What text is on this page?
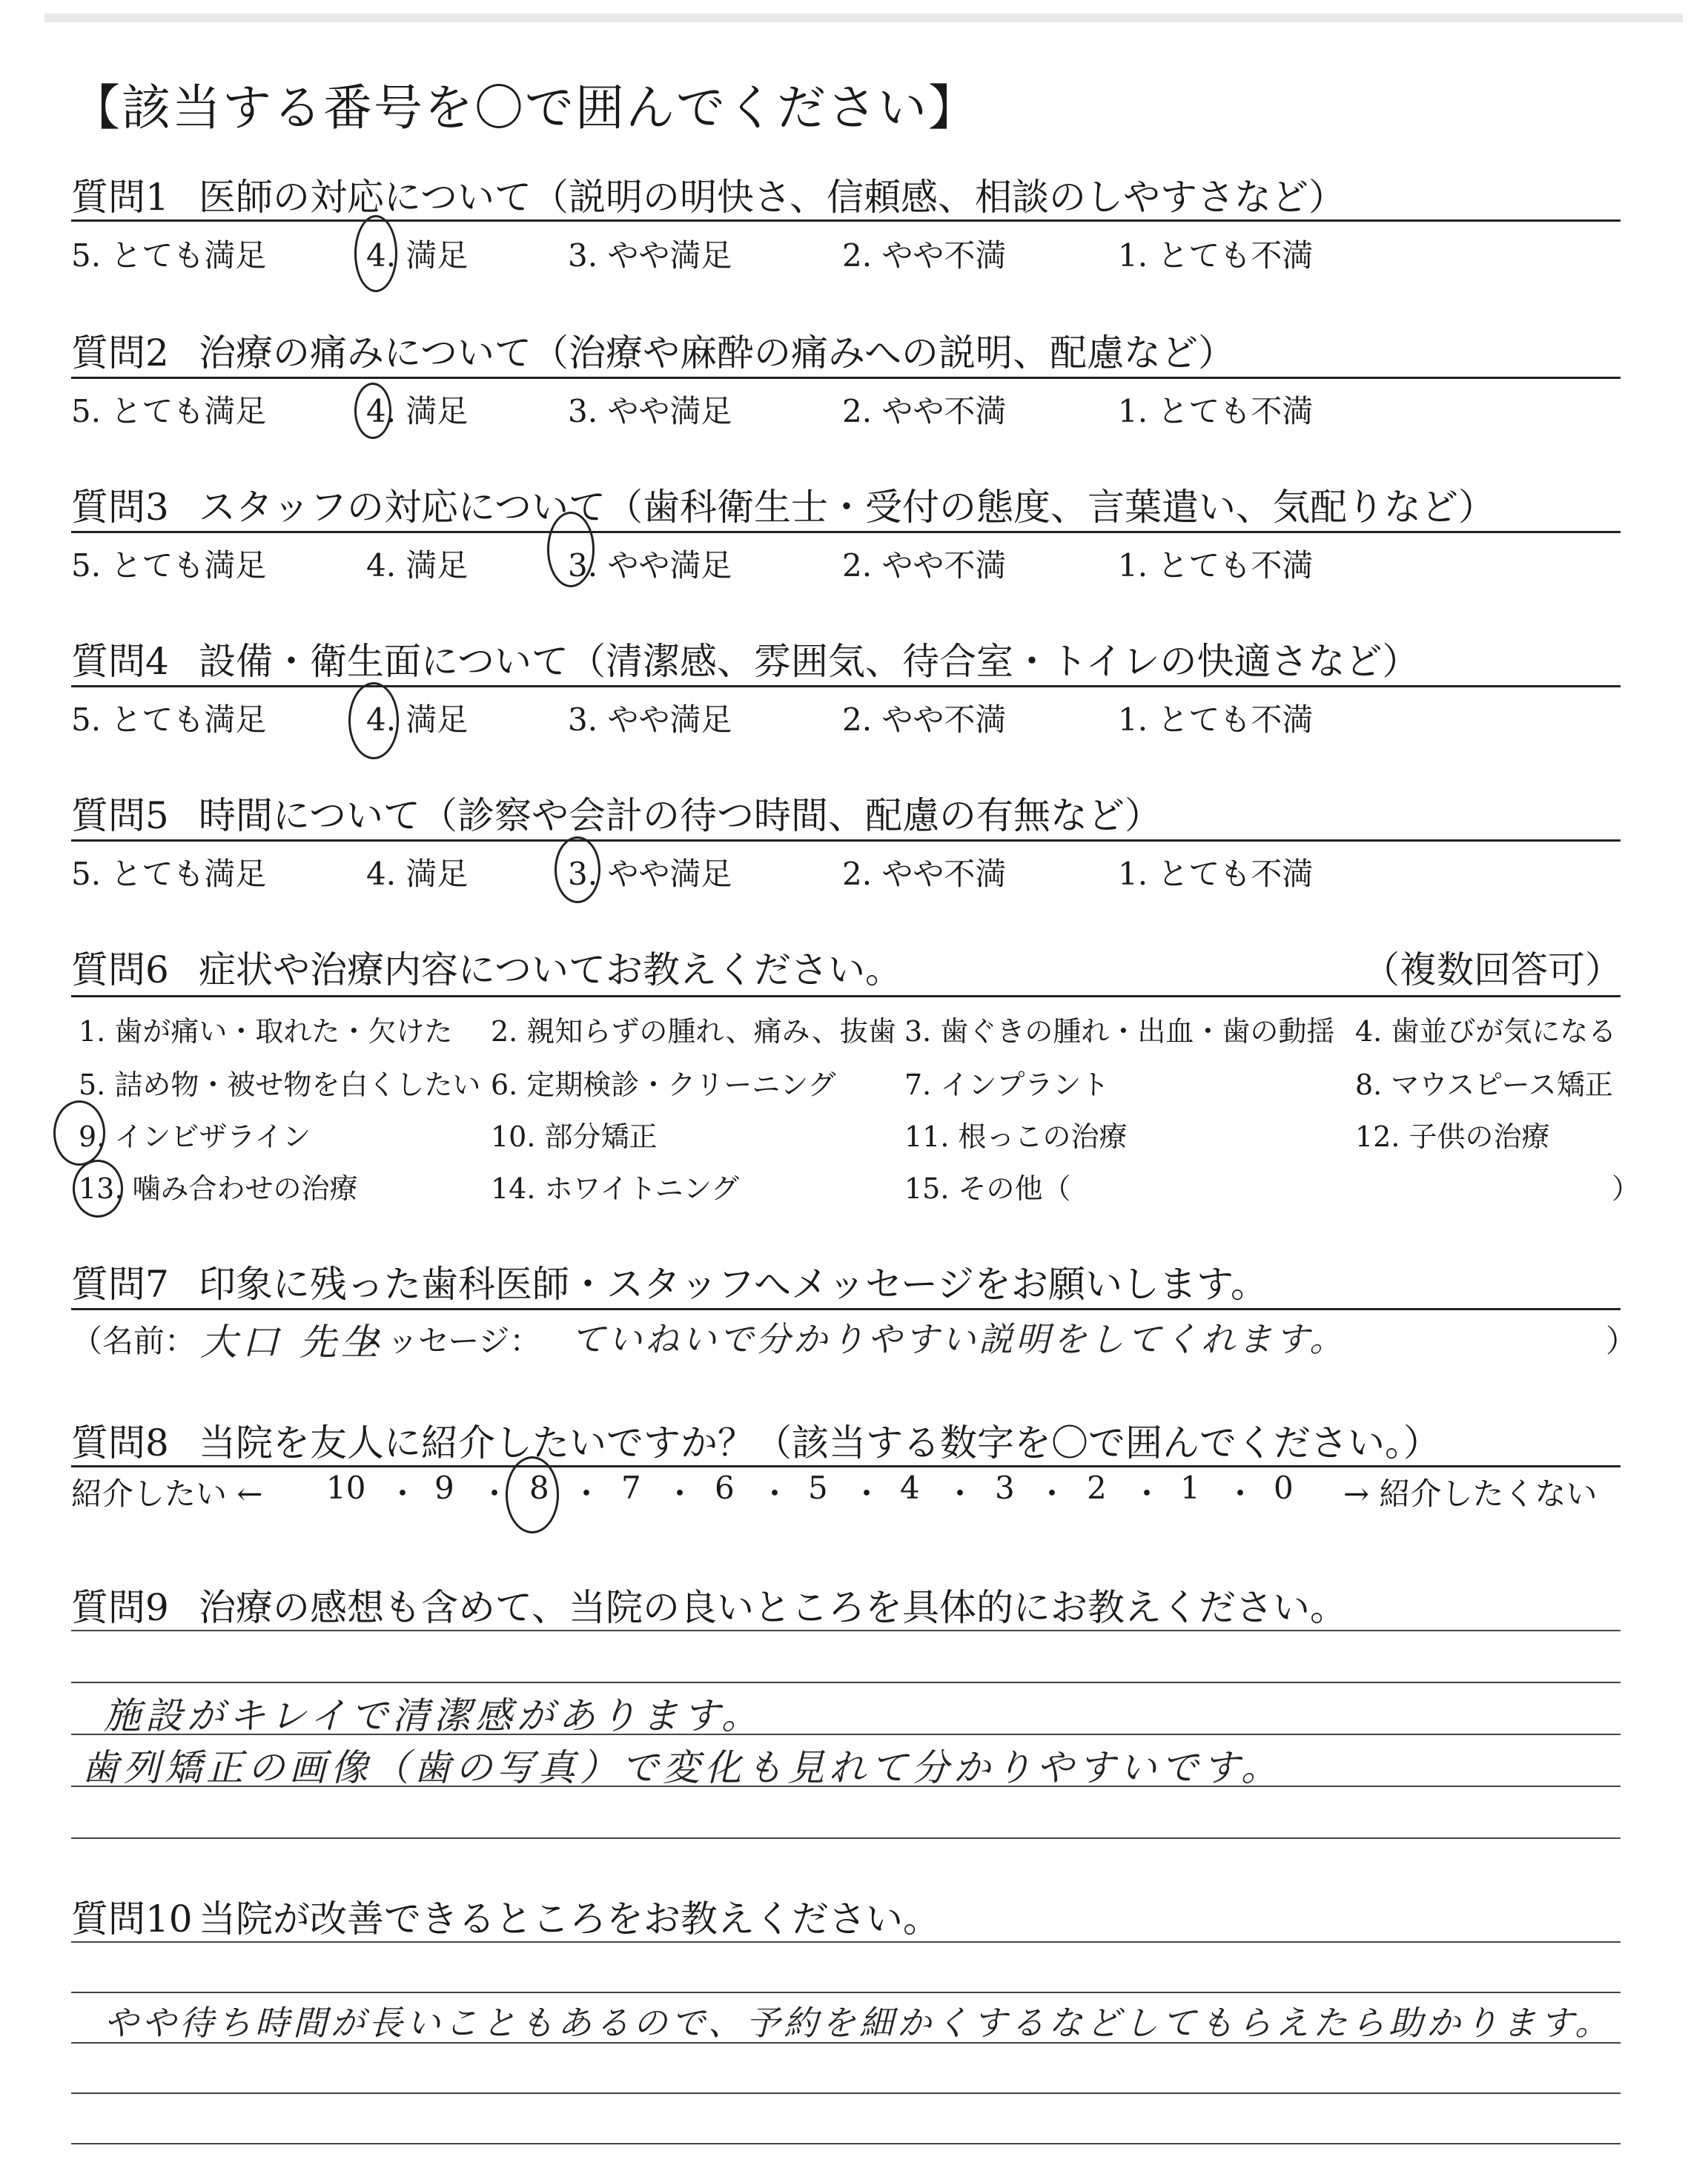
【該当する番号を〇で囲んでください】
質問1 医師の対応について（説明の明快さ、信頼感、相談のしやすさなど）
5. とても満足	4. 満足	3. やや満足	2. やや不満	1. とても不満
質問2 治療の痛みについて（治療や麻酔の痛みへの説明、配慮など）
5. とても満足	4. 満足	3. やや満足	2. やや不満	1. とても不満
質問3 スタッフの対応について（歯科衛生士・受付の態度、言葉遣い、気配りなど）
5. とても満足	4. 満足	3. やや満足	2. やや不満	1. とても不満
質問4 設備・衛生面について（清潔感、雰囲気、待合室・トイレの快適さなど）
5. とても満足	4. 満足	3. やや満足	2. やや不満	1. とても不満
質問5 時間について（診察や会計の待つ時間、配慮の有無など）
5. とても満足	4. 満足	3. やや満足	2. やや不満	1. とても不満
質問6 症状や治療内容についてお教えください。	（複数回答可）
1. 歯が痛い・取れた・欠けた 2. 親知らずの腫れ、痛み、抜歯 3. 歯ぐきの腫れ・出血・歯の動揺 4. 歯並びが気になる
5. 詰め物・被せ物を白くしたい 6. 定期検診・クリーニング 7. インプラント	8. マウスピース矯正
9. インビザライン	10. 部分矯正	11. 根っこの治療	12. 子供の治療
13. 噛み合わせの治療	14. ホワイトニング	15. その他（	）
質問7 印象に残った歯科医師・スタッフへメッセージをお願いします。
（名前： 大口 先生
メッセージ： ていねいで分かりやすい説明をしてくれます。	）
質問8 当院を友人に紹介したいですか？（該当する数字を〇で囲んでください。）
紹介したい ← 10 ・ 9 ・ 8 ・ 7 ・ 6 ・ 5 ・ 4 ・ 3 ・ 2 ・ 1 ・ 0 → 紹介したくない
質問9 治療の感想も含めて、当院の良いところを具体的にお教えください。
施設がキレイで清潔感があります。
歯列矯正の画像（歯の写真）で変化も見れて分かりやすいです。
質問10 当院が改善できるところをお教えください。
やや待ち時間が長いこともあるので、予約を細かくするなどしてもらえたら助かります。
